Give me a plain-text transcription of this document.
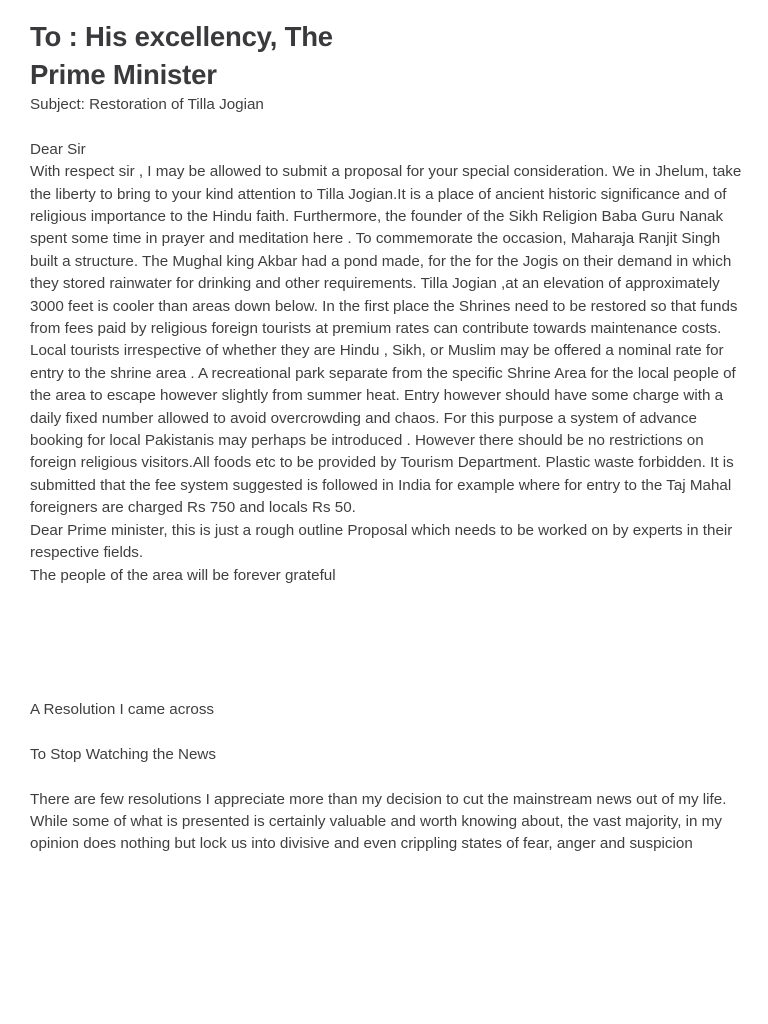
To : His excellency, The
Prime Minister

Subject: Restoration of Tilla Jogian

Dear Sir

With respect sir , I may be allowed to submit a proposal for your special consideration. We in Jhelum, take the liberty to bring to your kind attention to Tilla Jogian.It is a place of ancient historic significance and of religious importance to the Hindu faith. Furthermore, the founder of the Sikh Religion Baba Guru Nanak spent some time in prayer and meditation here . To commemorate the occasion, Maharaja Ranjit Singh built a structure. The Mughal king Akbar had a pond made, for the for the Jogis on their demand in which they stored rainwater for drinking and other requirements. Tilla Jogian ,at an elevation of approximately 3000 feet is cooler than areas down below. In the first place the Shrines need to be restored so that funds from fees paid by religious foreign tourists at premium rates can contribute towards maintenance costs. Local tourists irrespective of whether they are Hindu , Sikh, or Muslim may be offered a nominal rate for entry to the shrine area . A recreational park separate from the specific Shrine Area for the local people of the area to escape however slightly from summer heat. Entry however should have some charge with a daily fixed number allowed to avoid overcrowding and chaos. For this purpose a system of advance booking for local Pakistanis may perhaps be introduced . However there should be no restrictions on foreign religious visitors.All foods etc to be provided by Tourism Department. Plastic waste forbidden. It is submitted that the fee system suggested is followed in India for example where for entry to the Taj Mahal foreigners are charged Rs 750 and locals Rs 50.

Dear Prime minister, this is just a rough outline Proposal which needs to be worked on by experts in their respective fields.

The people of the area will be forever grateful

A Resolution I came across

To Stop Watching the News

There are few resolutions I appreciate more than my decision to cut the mainstream news out of my life. While some of what is presented is certainly valuable and worth knowing about, the vast majority, in my opinion does nothing but lock us into divisive and even crippling states of fear, anger and suspicion
